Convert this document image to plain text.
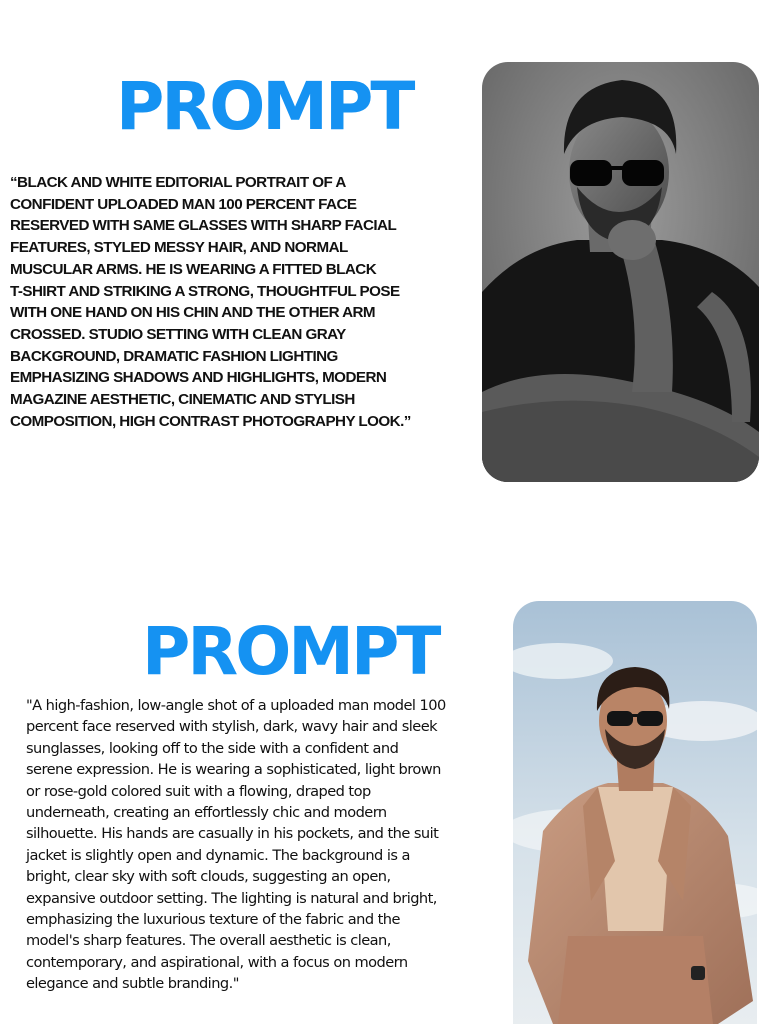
PROMPT

“BLACK AND WHITE EDITORIAL PORTRAIT OF A
CONFIDENT UPLOADED MAN 100 PERCENT FACE
RESERVED WITH SAME GLASSES WITH SHARP FACIAL
FEATURES, STYLED MESSY HAIR, AND NORMAL
MUSCULAR ARMS. HE IS WEARING A FITTED BLACK
T-SHIRT AND STRIKING A STRONG, THOUGHTFUL POSE
WITH ONE HAND ON HIS CHIN AND THE OTHER ARM
CROSSED. STUDIO SETTING WITH CLEAN GRAY
BACKGROUND, DRAMATIC FASHION LIGHTING
EMPHASIZING SHADOWS AND HIGHLIGHTS, MODERN
MAGAZINE AESTHETIC, CINEMATIC AND STYLISH
COMPOSITION, HIGH CONTRAST PHOTOGRAPHY LOOK.”

PROMPT

"A high-fashion, low-angle shot of a uploaded man model 100
percent face reserved with stylish, dark, wavy hair and sleek
sunglasses, looking off to the side with a confident and
serene expression. He is wearing a sophisticated, light brown
or rose-gold colored suit with a flowing, draped top
underneath, creating an effortlessly chic and modern
silhouette. His hands are casually in his pockets, and the suit
jacket is slightly open and dynamic. The background is a
bright, clear sky with soft clouds, suggesting an open,
expansive outdoor setting. The lighting is natural and bright,
emphasizing the luxurious texture of the fabric and the
model's sharp features. The overall aesthetic is clean,
contemporary, and aspirational, with a focus on modern
elegance and subtle branding."
